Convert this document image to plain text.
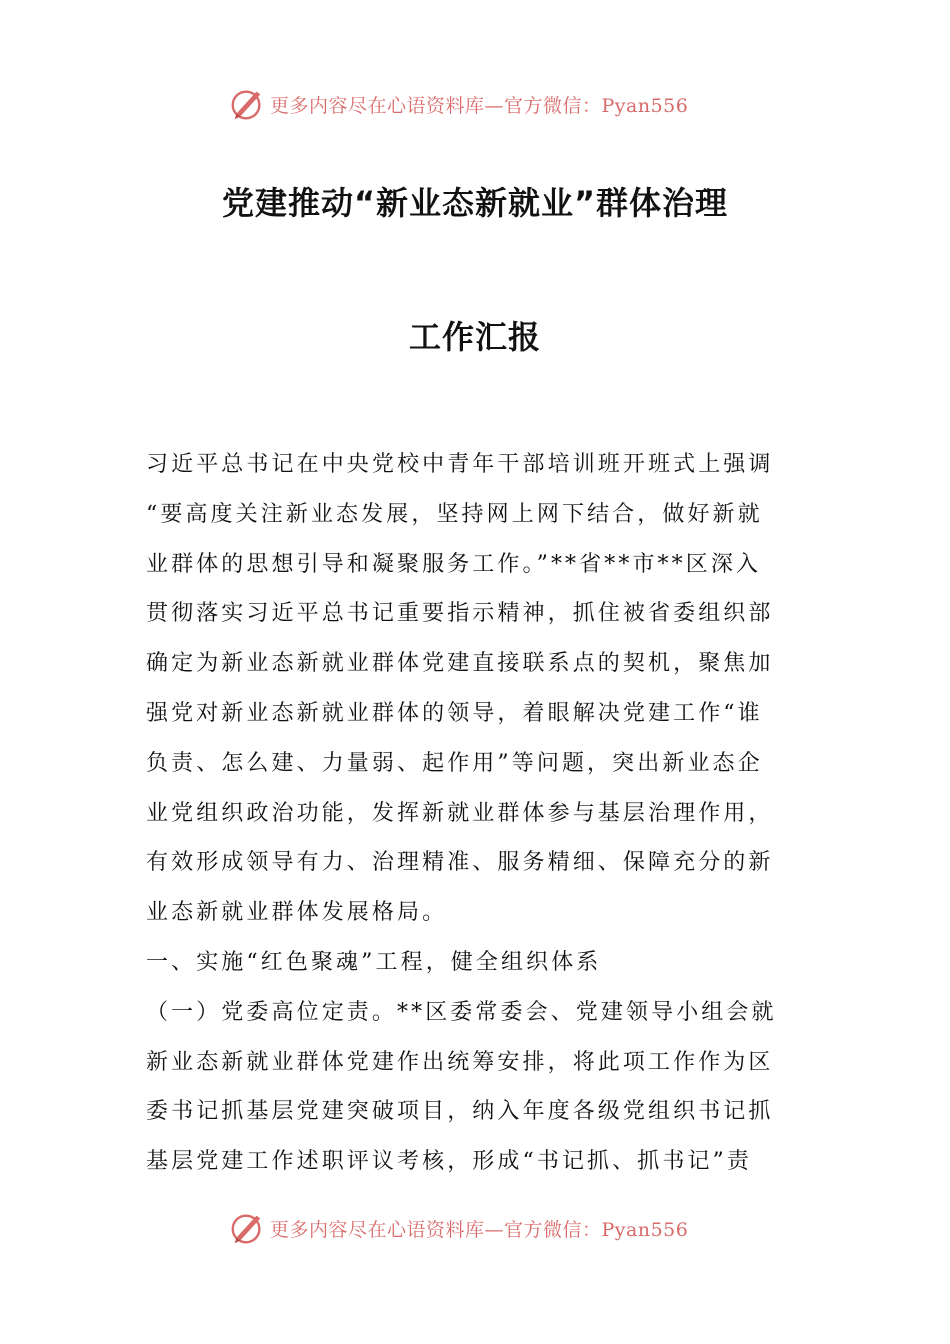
更多内容尽在心语资料库—官方微信：Pyan556
党建推动“新业态新就业”群体治理
工作汇报
习近平总书记在中央党校中青年干部培训班开班式上强调
“要高度关注新业态发展，坚持网上网下结合，做好新就
业群体的思想引导和凝聚服务工作。”**省**市**区深入
贯彻落实习近平总书记重要指示精神，抓住被省委组织部
确定为新业态新就业群体党建直接联系点的契机，聚焦加
强党对新业态新就业群体的领导，着眼解决党建工作“谁
负责、怎么建、力量弱、起作用”等问题，突出新业态企
业党组织政治功能，发挥新就业群体参与基层治理作用，
有效形成领导有力、治理精准、服务精细、保障充分的新
业态新就业群体发展格局。
一、实施“红色聚魂”工程，健全组织体系
（一）党委高位定责。**区委常委会、党建领导小组会就
新业态新就业群体党建作出统筹安排，将此项工作作为区
委书记抓基层党建突破项目，纳入年度各级党组织书记抓
基层党建工作述职评议考核，形成“书记抓、抓书记”责
更多内容尽在心语资料库—官方微信：Pyan556
